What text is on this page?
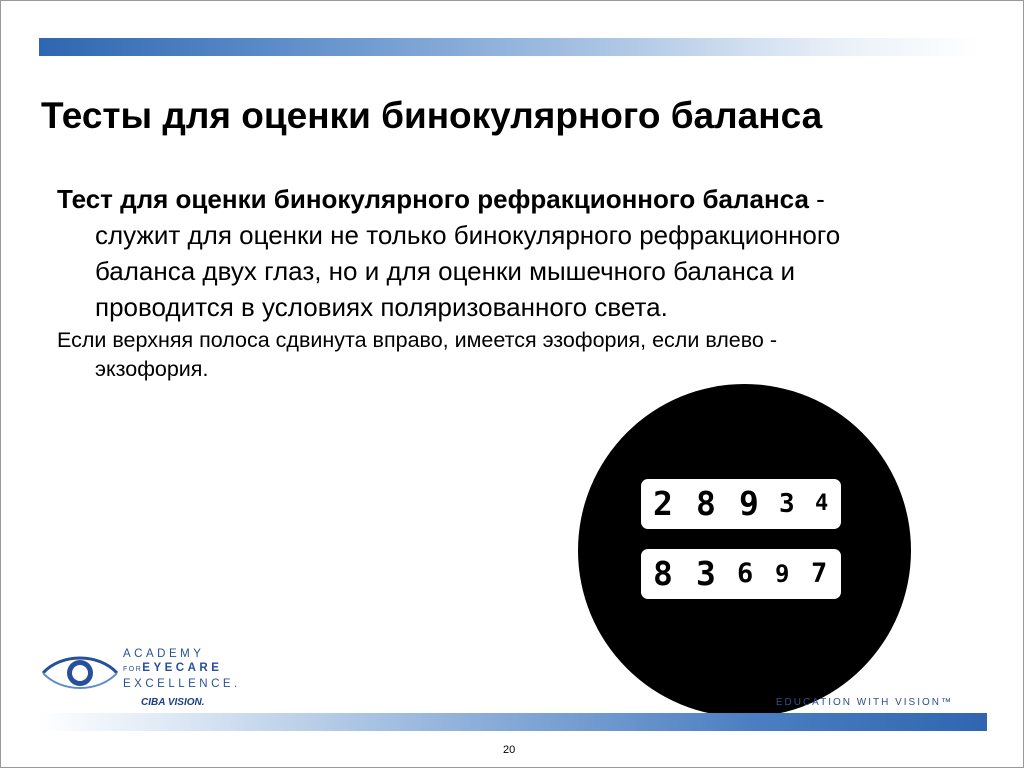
Тесты для оценки бинокулярного баланса
Тест для оценки бинокулярного рефракционного баланса -
служит для оценки не только бинокулярного рефракционного
баланса двух глаз, но и для оценки мышечного баланса и
проводится в условиях поляризованного света.
Если верхняя полоса сдвинута вправо, имеется эзофория, если влево -
экзофория.
2 8 9 3 4
8 3 6 9 7
ACADEMY
FOREYECARE
EXCELLENCE.
CIBA VISION.	EDUCATION WITH VISION™
20
